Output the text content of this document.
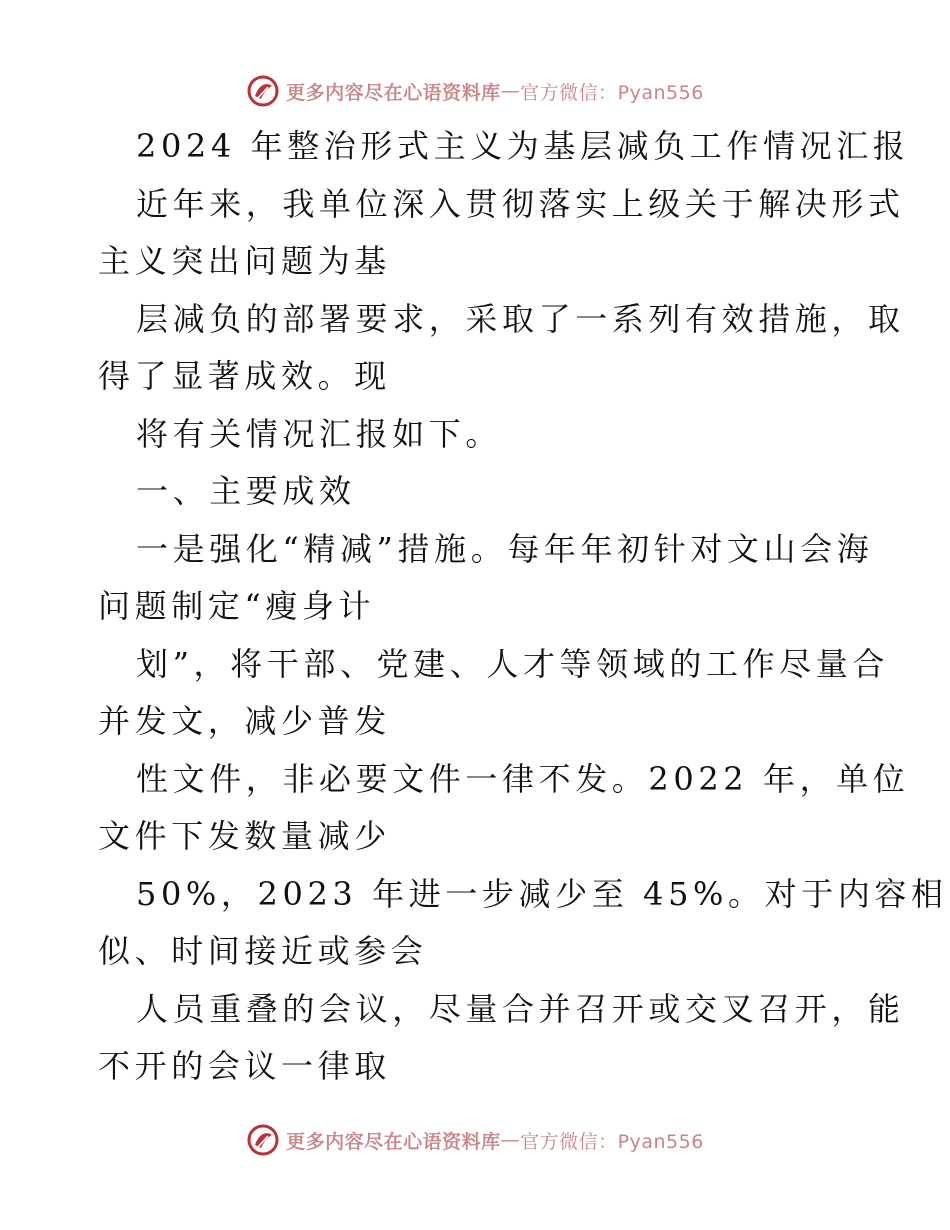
更多内容尽在心语资料库 — 官方微信：Pyan556
2024 年整治形式主义为基层减负工作情况汇报
近年来，我单位深入贯彻落实上级关于解决形式
主义突出问题为基
层减负的部署要求，采取了一系列有效措施，取
得了显著成效。现
将有关情况汇报如下。
一、主要成效
一是强化“精减”措施。每年年初针对文山会海
问题制定“瘦身计
划”，将干部、党建、人才等领域的工作尽量合
并发文，减少普发
性文件，非必要文件一律不发。2022 年，单位
文件下发数量减少
50%，2023 年进一步减少至 45%。对于内容相
似、时间接近或参会
人员重叠的会议，尽量合并召开或交叉召开，能
不开的会议一律取
更多内容尽在心语资料库 — 官方微信：Pyan556
